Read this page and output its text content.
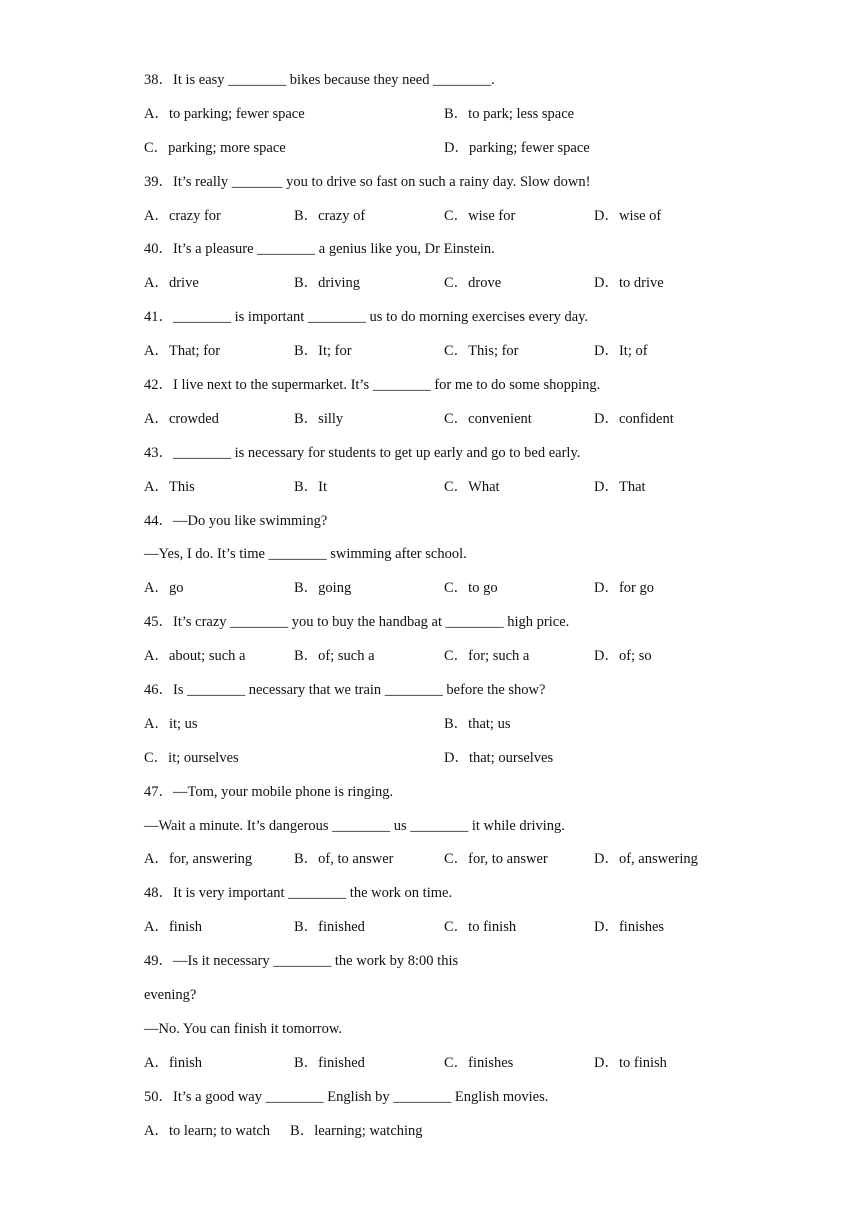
38．It is easy ________ bikes because they need ________.
A．to parking; fewer space	B．to park; less space
C．parking; more space	D．parking; fewer space
39．It’s really _______ you to drive so fast on such a rainy day. Slow down!
A．crazy for	B．crazy of	C．wise for	D．wise of
40．It’s a pleasure ________ a genius like you, Dr Einstein.
A．drive	B．driving	C．drove	D．to drive
41．________ is important ________ us to do morning exercises every day.
A．That; for	B．It; for	C．This; for	D．It; of
42．I live next to the supermarket. It’s ________ for me to do some shopping.
A．crowded	B．silly	C．convenient	D．confident
43．________ is necessary for students to get up early and go to bed early.
A．This	B．It	C．What	D．That
44．—Do you like swimming?
—Yes, I do. It’s time ________ swimming after school.
A．go	B．going	C．to go	D．for go
45．It’s crazy ________ you to buy the handbag at ________ high price.
A．about; such a	B．of; such a	C．for; such a	D．of; so
46．Is ________ necessary that we train ________ before the show?
A．it; us	B．that; us
C．it; ourselves	D．that; ourselves
47．—Tom, your mobile phone is ringing.
—Wait a minute. It’s dangerous ________ us ________ it while driving.
A．for, answering	B．of, to answer	C．for, to answer	D．of, answering
48．It is very important ________ the work on time.
A．finish	B．finished	C．to finish	D．finishes
49．—Is it necessary ________ the work by 8:00 this
evening?
—No. You can finish it tomorrow.
A．finish	B．finished	C．finishes	D．to finish
50．It’s a good way ________ English by ________ English movies.
A．to learn; to watch B．learning; watching
